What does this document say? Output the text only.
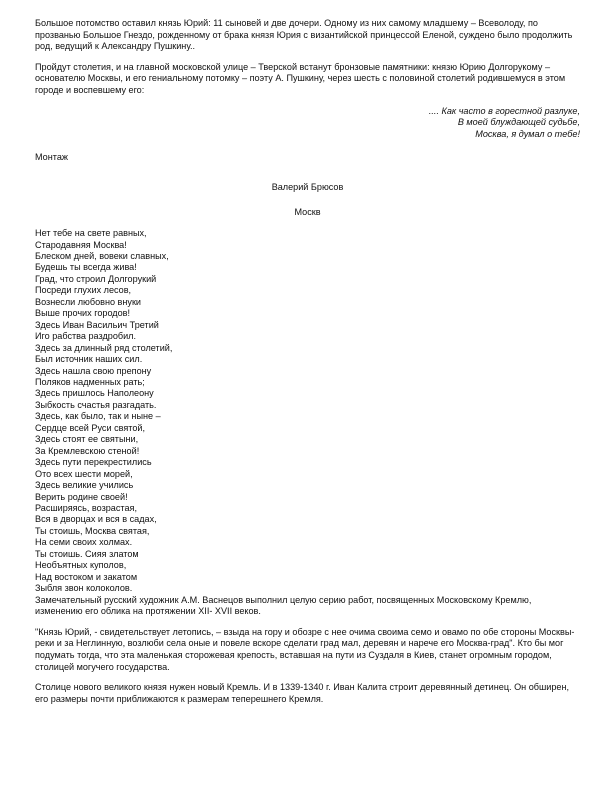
Большое потомство оставил князь Юрий: 11 сыновей и две дочери. Одному из них самому младшему – Всеволоду, по прозванью Большое Гнездо, рожденному от брака князя Юрия с византийской принцессой Еленой, суждено было продолжить род, ведущий к Александру Пушкину..

Пройдут столетия, и на главной московской улице – Тверской встанут бронзовые памятники: князю Юрию Долгорукому – основателю Москвы, и его гениальному потомку – поэту А. Пушкину, через шесть с половиной столетий родившемуся в этом городе и воспевшему его:

.... Как часто в горестной разлуке,
В моей блуждающей судьбе,
Москва, я думал о тебе!

Монтаж

Валерий Брюсов

Москв

Нет тебе на свете равных,
Стародавняя Москва!
Блеском дней, вовеки славных,
Будешь ты всегда жива!
Град, что строил Долгорукий
Посреди глухих лесов,
Вознесли любовно внуки
Выше прочих городов!
Здесь Иван Васильич Третий
Иго рабства раздробил.
Здесь за длинный ряд столетий,
Был источник наших сил.
Здесь нашла свою препону
Поляков надменных рать;
Здесь пришлось Наполеону
Зыбкость счастья разгадать.
Здесь, как было, так и ныне –
Сердце всей Руси святой,
Здесь стоят ее святыни,
За Кремлевскою стеной!
Здесь пути перекрестились
Ото всех шести морей,
Здесь великие учились
Верить родине своей!
Расширяясь, возрастая,
Вся в дворцах и вся в садах,
Ты стоишь, Москва святая,
На семи своих холмах.
Ты стоишь. Сияя златом
Необъятных куполов,
Над востоком и закатом
Зыбля звон колоколов.

Замечательный русский художник А.М. Васнецов выполнил целую серию работ, посвященных Московскому Кремлю, изменению его облика на протяжении XII- XVII веков.

"Князь Юрий, - свидетельствует летопись, – взыда на гору и обозре с нее очима своима семо и овамо по обе стороны Москвы-реки и за Неглинную, возлюби села оные и повеле вскоре сделати град мал, деревян и нарече его Москва-град". Кто бы мог подумать тогда, что эта маленькая сторожевая крепость, вставшая на пути из Суздаля в Киев, станет огромным городом, столицей могучего государства.

Столице нового великого князя нужен новый Кремль. И в 1339-1340 г. Иван Калита строит деревянный детинец. Он обширен, его размеры почти приближаются к размерам теперешнего Кремля.
